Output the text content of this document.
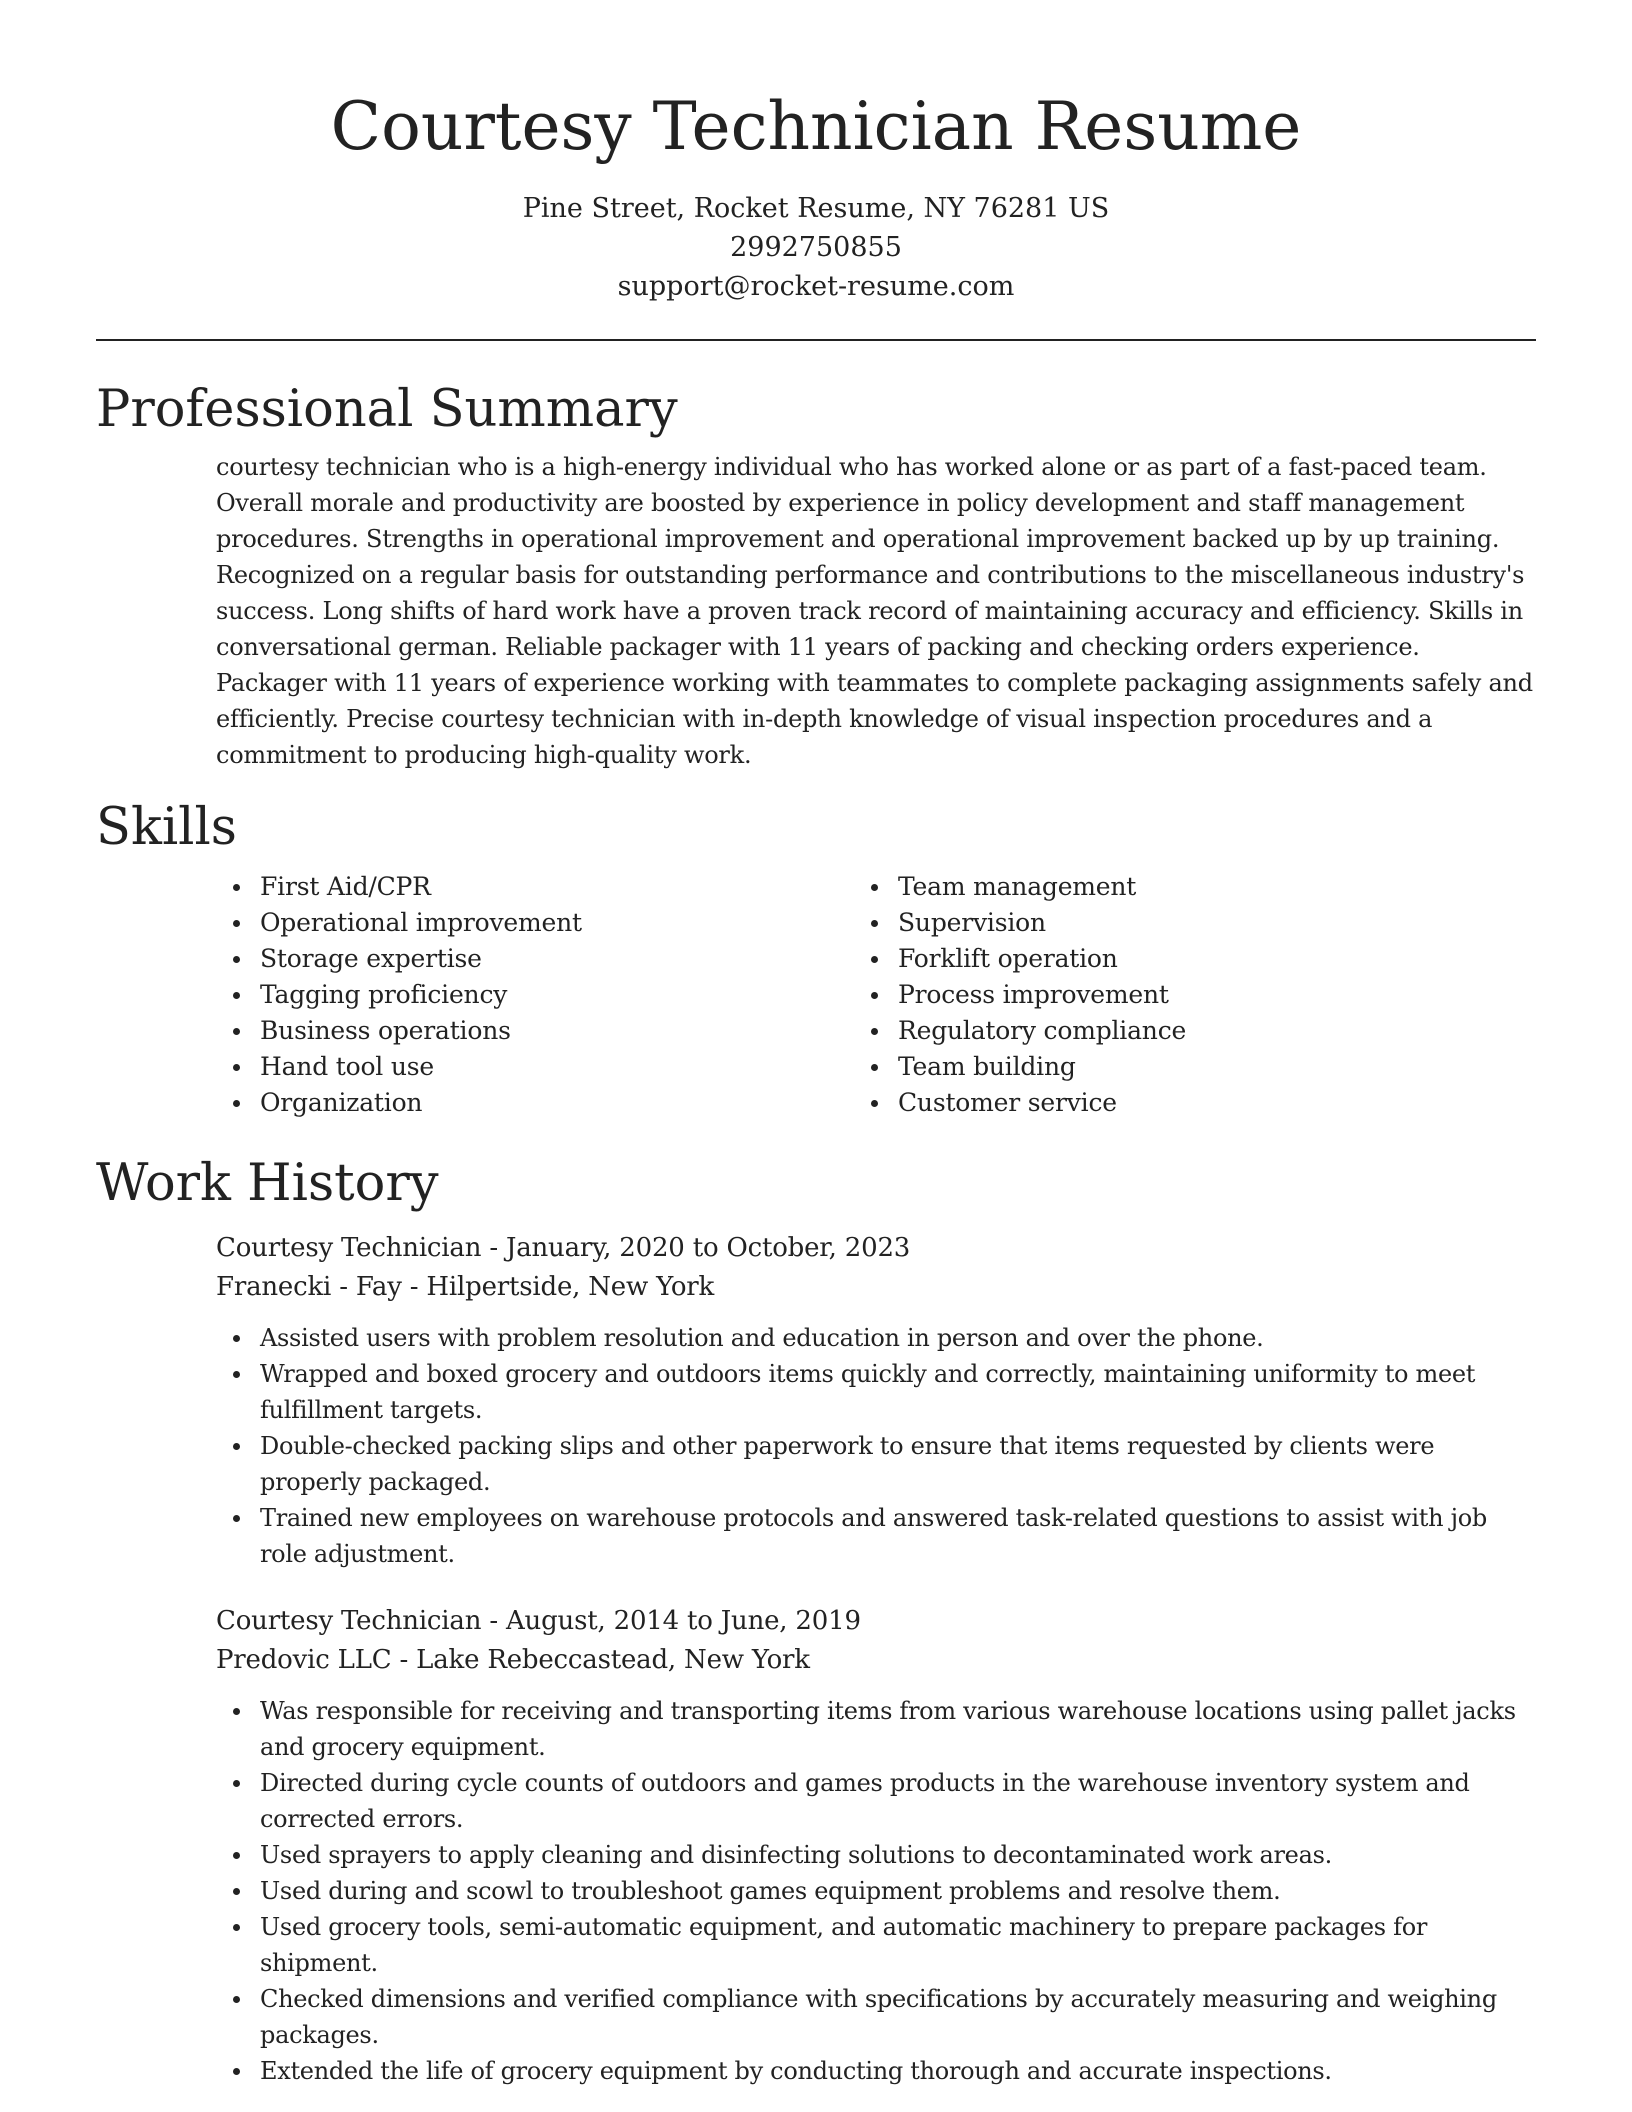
Courtesy Technician Resume
Pine Street, Rocket Resume, NY 76281 US
2992750855
support@rocket-resume.com
Professional Summary
courtesy technician who is a high-energy individual who has worked alone or as part of a fast-paced team. Overall morale and productivity are boosted by experience in policy development and staff management procedures. Strengths in operational improvement and operational improvement backed up by up training. Recognized on a regular basis for outstanding performance and contributions to the miscellaneous industry's success. Long shifts of hard work have a proven track record of maintaining accuracy and efficiency. Skills in conversational german. Reliable packager with 11 years of packing and checking orders experience. Packager with 11 years of experience working with teammates to complete packaging assignments safely and efficiently. Precise courtesy technician with in-depth knowledge of visual inspection procedures and a commitment to producing high-quality work.
Skills
First Aid/CPR
Operational improvement
Storage expertise
Tagging proficiency
Business operations
Hand tool use
Organization
Team management
Supervision
Forklift operation
Process improvement
Regulatory compliance
Team building
Customer service
Work History
Courtesy Technician - January, 2020 to October, 2023
Franecki - Fay - Hilpertside, New York
Assisted users with problem resolution and education in person and over the phone.
Wrapped and boxed grocery and outdoors items quickly and correctly, maintaining uniformity to meet fulfillment targets.
Double-checked packing slips and other paperwork to ensure that items requested by clients were properly packaged.
Trained new employees on warehouse protocols and answered task-related questions to assist with job role adjustment.
Courtesy Technician - August, 2014 to June, 2019
Predovic LLC - Lake Rebeccastead, New York
Was responsible for receiving and transporting items from various warehouse locations using pallet jacks and grocery equipment.
Directed during cycle counts of outdoors and games products in the warehouse inventory system and corrected errors.
Used sprayers to apply cleaning and disinfecting solutions to decontaminated work areas.
Used during and scowl to troubleshoot games equipment problems and resolve them.
Used grocery tools, semi-automatic equipment, and automatic machinery to prepare packages for shipment.
Checked dimensions and verified compliance with specifications by accurately measuring and weighing packages.
Extended the life of grocery equipment by conducting thorough and accurate inspections.
